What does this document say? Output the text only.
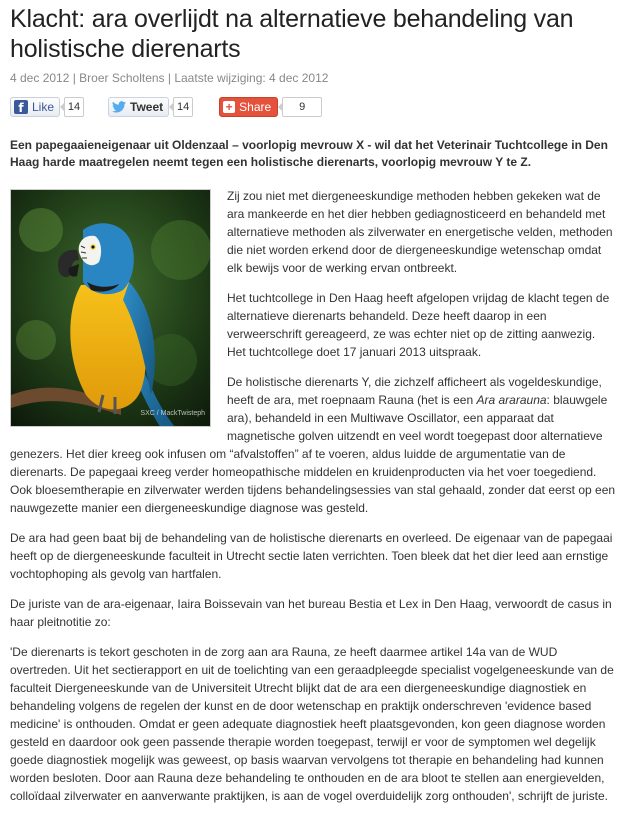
Klacht: ara overlijdt na alternatieve behandeling van holistische dierenarts
4 dec 2012 | Broer Scholtens | Laatste wijziging: 4 dec 2012
f Like	14	Tweet	14	+ Share	9
Een papegaaieneigenaar uit Oldenzaal – voorlopig mevrouw X - wil dat het Veterinair Tuchtcollege in Den Haag harde maatregelen neemt tegen een holistische dierenarts, voorlopig mevrouw Y te Z.
SXC / MackTwisteph

Zij zou niet met diergeneeskundige methoden hebben gekeken wat de ara mankeerde en het dier hebben gediagnosticeerd en behandeld met alternatieve methoden als zilverwater en energetische velden, methoden die niet worden erkend door de diergeneeskundige wetenschap omdat elk bewijs voor de werking ervan ontbreekt.

Het tuchtcollege in Den Haag heeft afgelopen vrijdag de klacht tegen de alternatieve dierenarts behandeld. Deze heeft daarop in een verweerschrift gereageerd, ze was echter niet op de zitting aanwezig. Het tuchtcollege doet 17 januari 2013 uitspraak.

De holistische dierenarts Y, die zichzelf afficheert als vogeldeskundige, heeft de ara, met roepnaam Rauna (het is een Ara ararauna: blauwgele ara), behandeld in een Multiwave Oscillator, een apparaat dat magnetische golven uitzendt en veel wordt toegepast door alternatieve genezers. Het dier kreeg ook infusen om “afvalstoffen” af te voeren, aldus luidde de argumentatie van de dierenarts. De papegaai kreeg verder homeopathische middelen en kruidenproducten via het voer toegediend. Ook bloesemtherapie en zilverwater werden tijdens behandelingsessies van stal gehaald, zonder dat eerst op een nauwgezette manier een diergeneeskundige diagnose was gesteld.

De ara had geen baat bij de behandeling van de holistische dierenarts en overleed. De eigenaar van de papegaai heeft op de diergeneeskunde faculteit in Utrecht sectie laten verrichten. Toen bleek dat het dier leed aan ernstige vochtophoping als gevolg van hartfalen.

De juriste van de ara-eigenaar, Iaira Boissevain van het bureau Bestia et Lex in Den Haag, verwoordt de casus in haar pleitnotitie zo:

'De dierenarts is tekort geschoten in de zorg aan ara Rauna, ze heeft daarmee artikel 14a van de WUD overtreden. Uit het sectierapport en uit de toelichting van een geraadpleegde specialist vogelgeneeskunde van de faculteit Diergeneeskunde van de Universiteit Utrecht blijkt dat de ara een diergeneeskundige diagnostiek en behandeling volgens de regelen der kunst en de door wetenschap en praktijk onderschreven 'evidence based medicine' is onthouden. Omdat er geen adequate diagnostiek heeft plaatsgevonden, kon geen diagnose worden gesteld en daardoor ook geen passende therapie worden toegepast, terwijl er voor de symptomen wel degelijk goede diagnostiek mogelijk was geweest, op basis waarvan vervolgens tot therapie en behandeling had kunnen worden besloten. Door aan Rauna deze behandeling te onthouden en de ara bloot te stellen aan energievelden, colloïdaal zilverwater en aanverwante praktijken, is aan de vogel overduidelijk zorg onthouden', schrijft de juriste.
